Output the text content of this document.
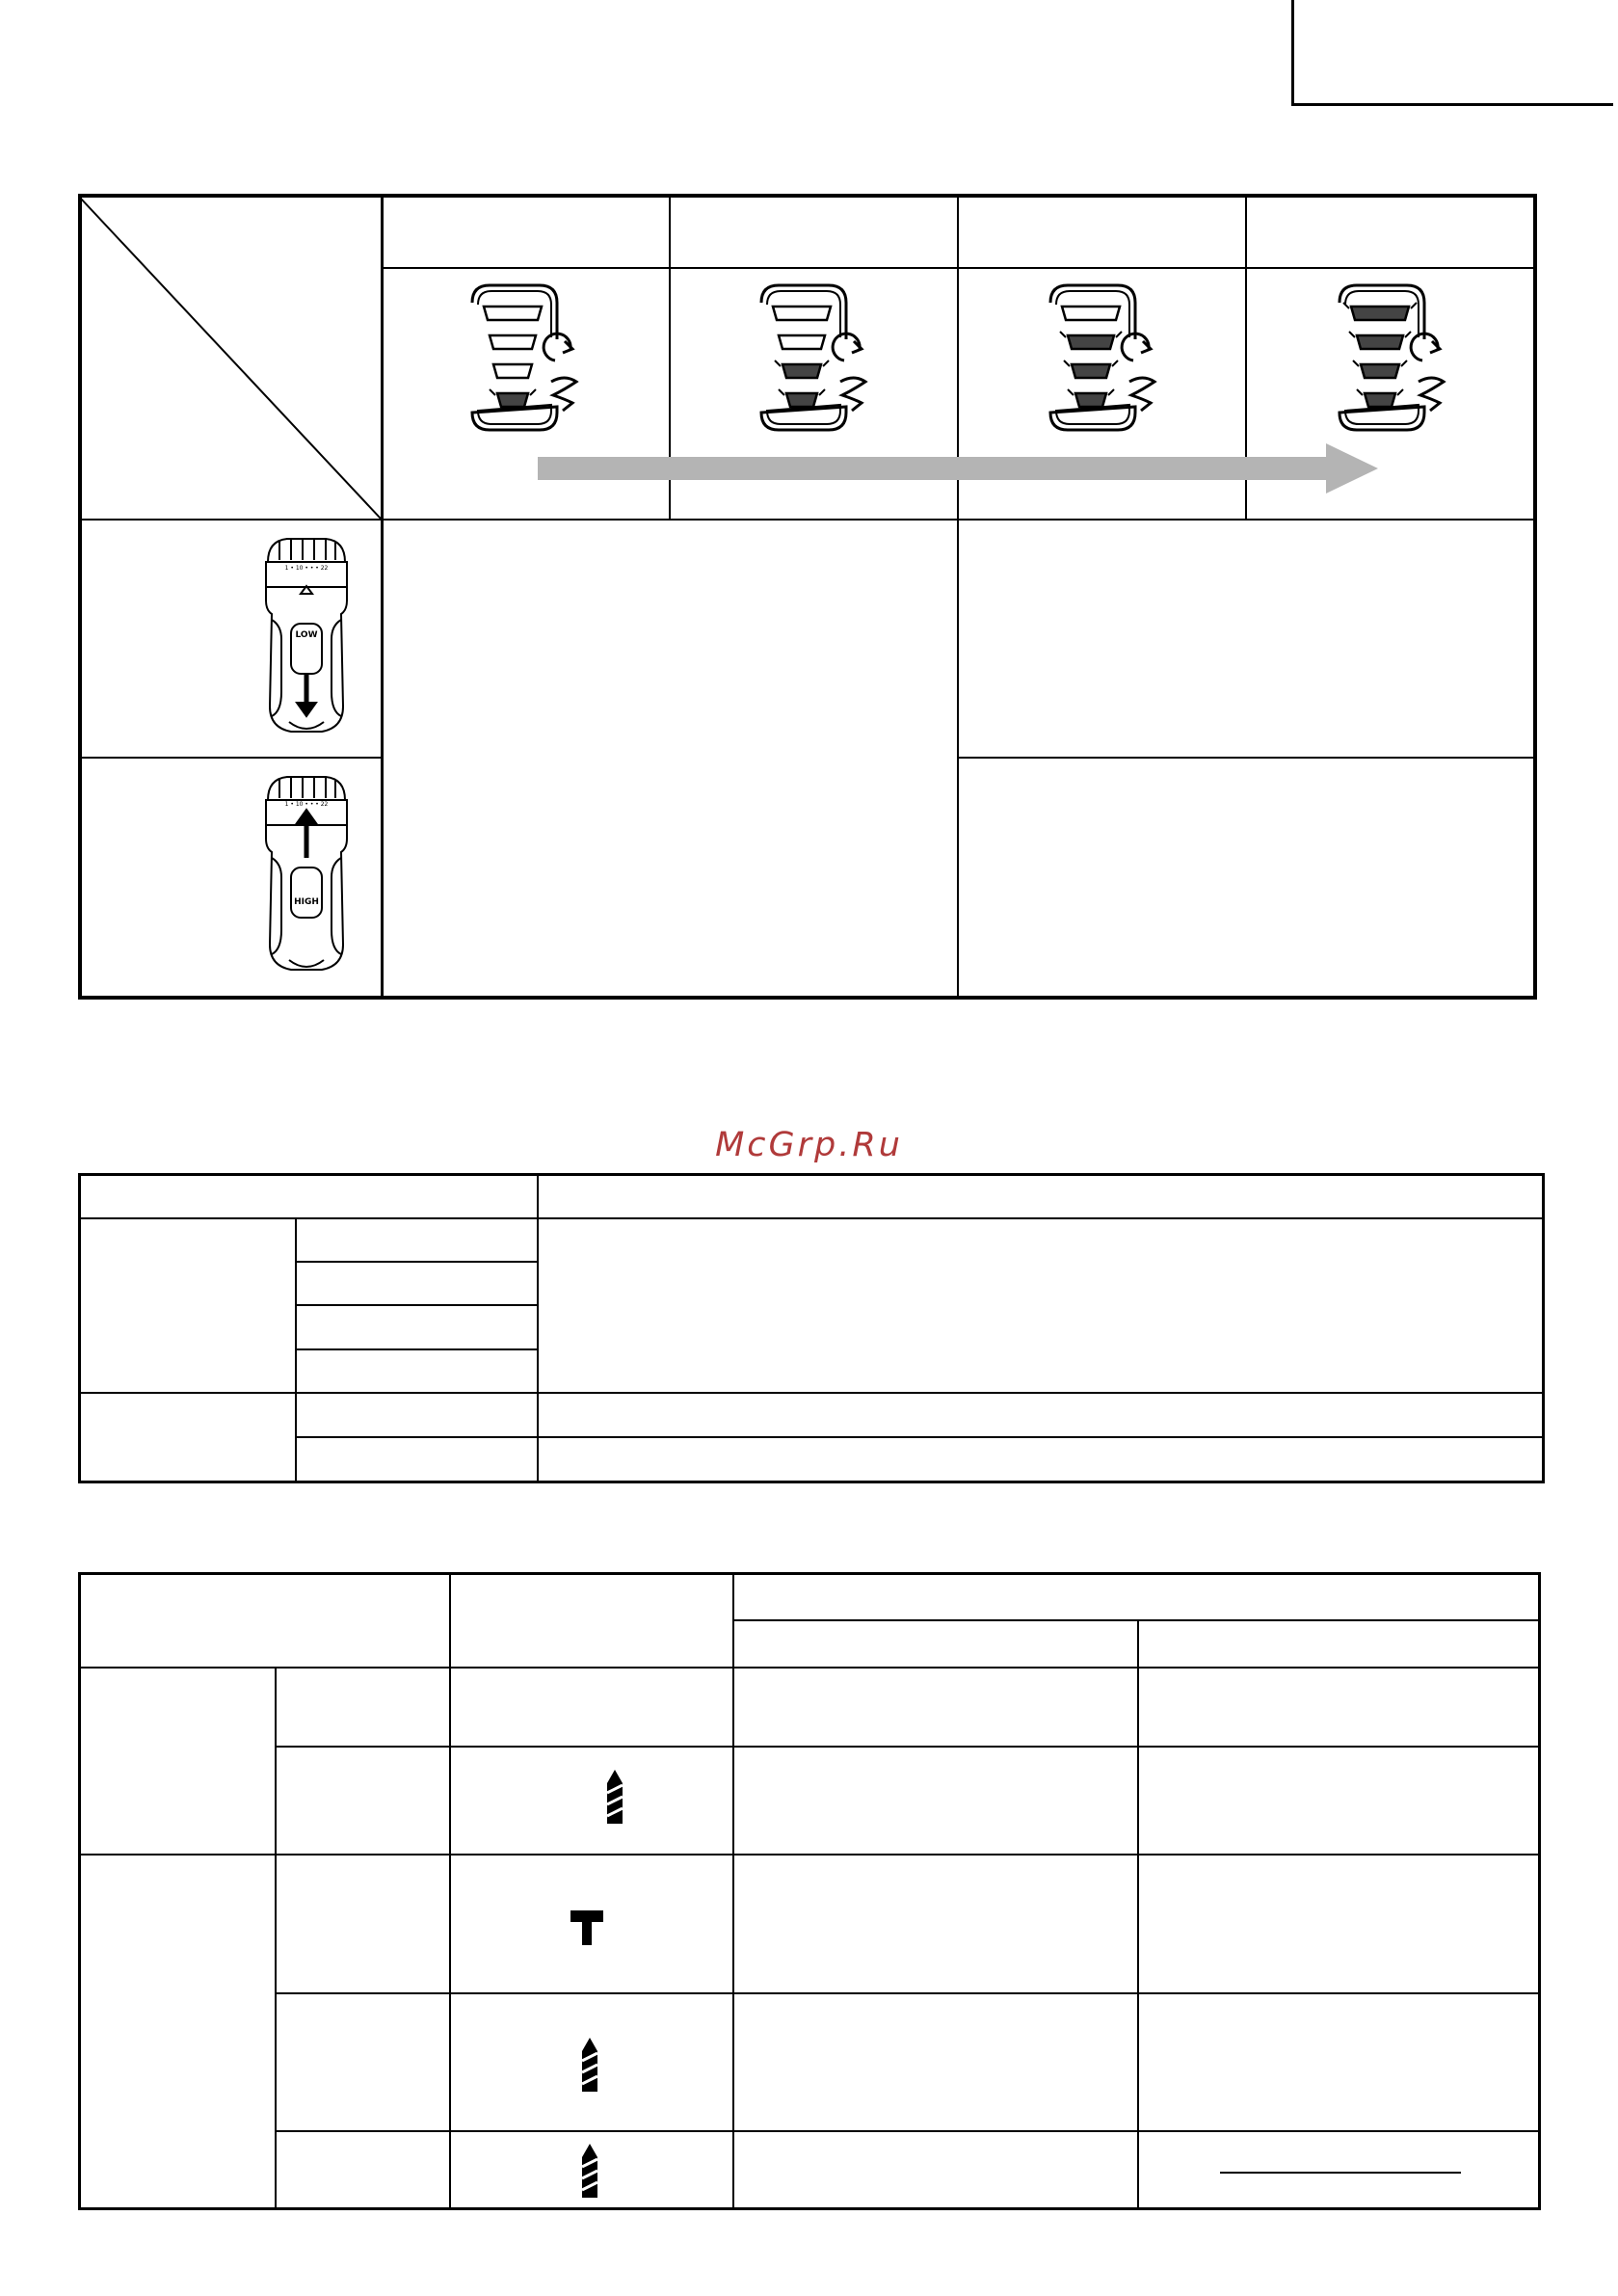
LOW
1 • 10 • • • 22
HIGH
1 • 10 • • • 22
McGrp.Ru
